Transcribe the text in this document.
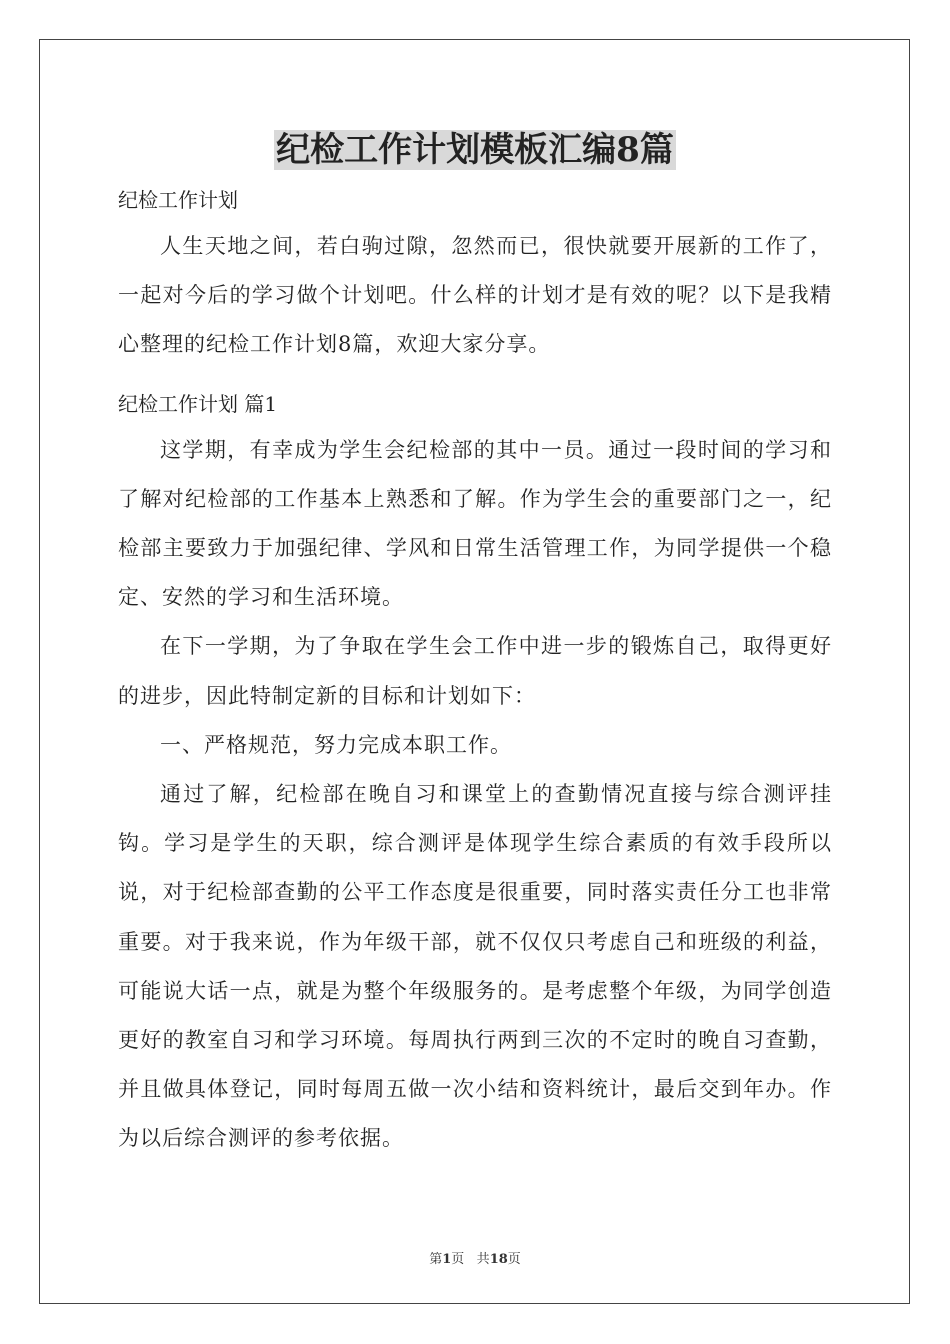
纪检工作计划模板汇编8篇

纪检工作计划

人生天地之间，若白驹过隙，忽然而已，很快就要开展新的工作了，一起对今后的学习做个计划吧。什么样的计划才是有效的呢？以下是我精心整理的纪检工作计划8篇，欢迎大家分享。

纪检工作计划 篇1

这学期，有幸成为学生会纪检部的其中一员。通过一段时间的学习和了解对纪检部的工作基本上熟悉和了解。作为学生会的重要部门之一，纪检部主要致力于加强纪律、学风和日常生活管理工作，为同学提供一个稳定、安然的学习和生活环境。

在下一学期，为了争取在学生会工作中进一步的锻炼自己，取得更好的进步，因此特制定新的目标和计划如下：

一、严格规范，努力完成本职工作。

通过了解，纪检部在晚自习和课堂上的查勤情况直接与综合测评挂钩。学习是学生的天职，综合测评是体现学生综合素质的有效手段所以说，对于纪检部查勤的公平工作态度是很重要，同时落实责任分工也非常重要。对于我来说，作为年级干部，就不仅仅只考虑自己和班级的利益，可能说大话一点，就是为整个年级服务的。是考虑整个年级，为同学创造更好的教室自习和学习环境。每周执行两到三次的不定时的晚自习查勤，并且做具体登记，同时每周五做一次小结和资料统计，最后交到年办。作为以后综合测评的参考依据。

第1页 共18页
